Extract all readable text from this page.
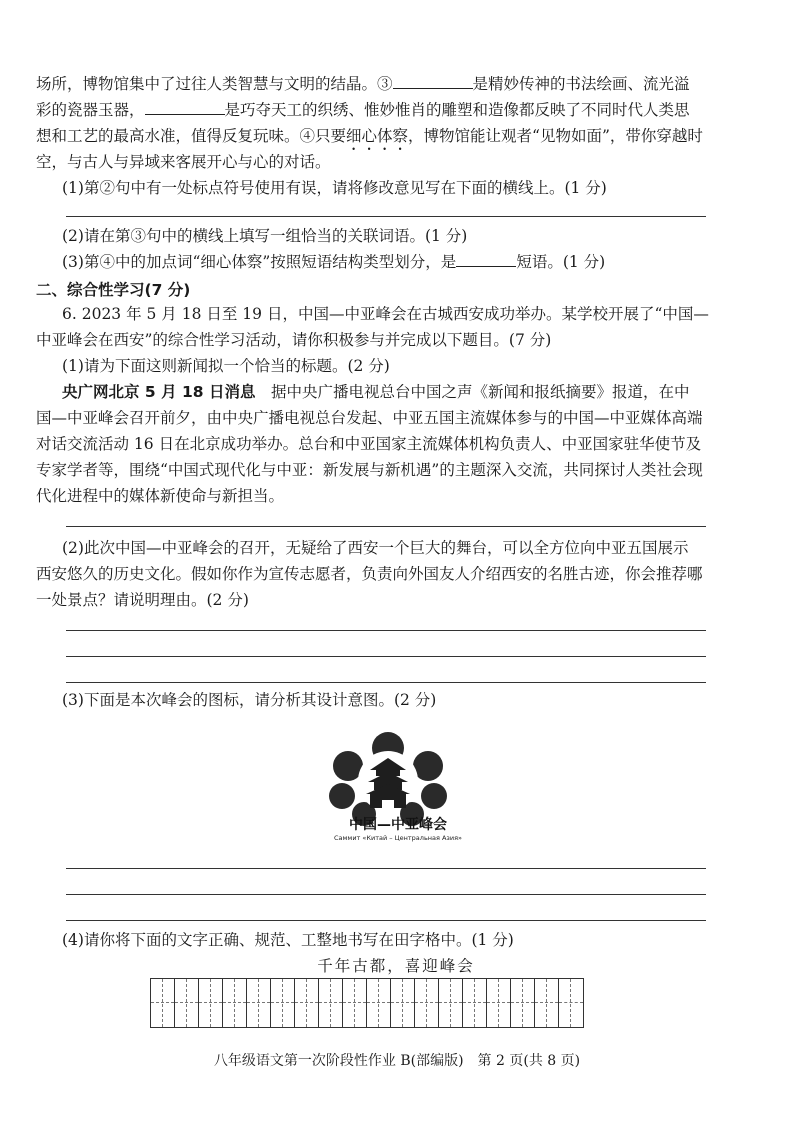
场所，博物馆集中了过往人类智慧与文明的结晶。③	是精妙传神的书法绘画、流光溢
彩的瓷器玉器，	是巧夺天工的织绣、惟妙惟肖的雕塑和造像都反映了不同时代人类思
想和工艺的最高水准，值得反复玩味。④只要细心体察，博物馆能让观者“见物如面”，带你穿越时
空，与古人与异域来客展开心与心的对话。
(1)第②句中有一处标点符号使用有误，请将修改意见写在下面的横线上。(1 分)
(2)请在第③句中的横线上填写一组恰当的关联词语。(1 分)
(3)第④中的加点词“细心体察”按照短语结构类型划分，是	短语。(1 分)
二、综合性学习(7 分)
6. 2023 年 5 月 18 日至 19 日，中国—中亚峰会在古城西安成功举办。某学校开展了“中国—
中亚峰会在西安”的综合性学习活动，请你积极参与并完成以下题目。(7 分)
(1)请为下面这则新闻拟一个恰当的标题。(2 分)
央广网北京 5 月 18 日消息　 据中央广播电视总台中国之声《新闻和报纸摘要》报道，在中
国—中亚峰会召开前夕，由中央广播电视总台发起、中亚五国主流媒体参与的中国—中亚媒体高端
对话交流活动 16 日在北京成功举办。总台和中亚国家主流媒体机构负责人、中亚国家驻华使节及
专家学者等，围绕“中国式现代化与中亚：新发展与新机遇”的主题深入交流，共同探讨人类社会现
代化进程中的媒体新使命与新担当。
(2)此次中国—中亚峰会的召开，无疑给了西安一个巨大的舞台，可以全方位向中亚五国展示
西安悠久的历史文化。假如你作为宣传志愿者，负责向外国友人介绍西安的名胜古迹，你会推荐哪
一处景点？请说明理由。(2 分)
(3)下面是本次峰会的图标，请分析其设计意图。(2 分)
中国—中亚峰会
Саммит «Китай – Центральная Азия»
(4)请你将下面的文字正确、规范、工整地书写在田字格中。(1 分)
千年古都，喜迎峰会
八年级语文第一次阶段性作业 B(部编版)　第 2 页(共 8 页)
